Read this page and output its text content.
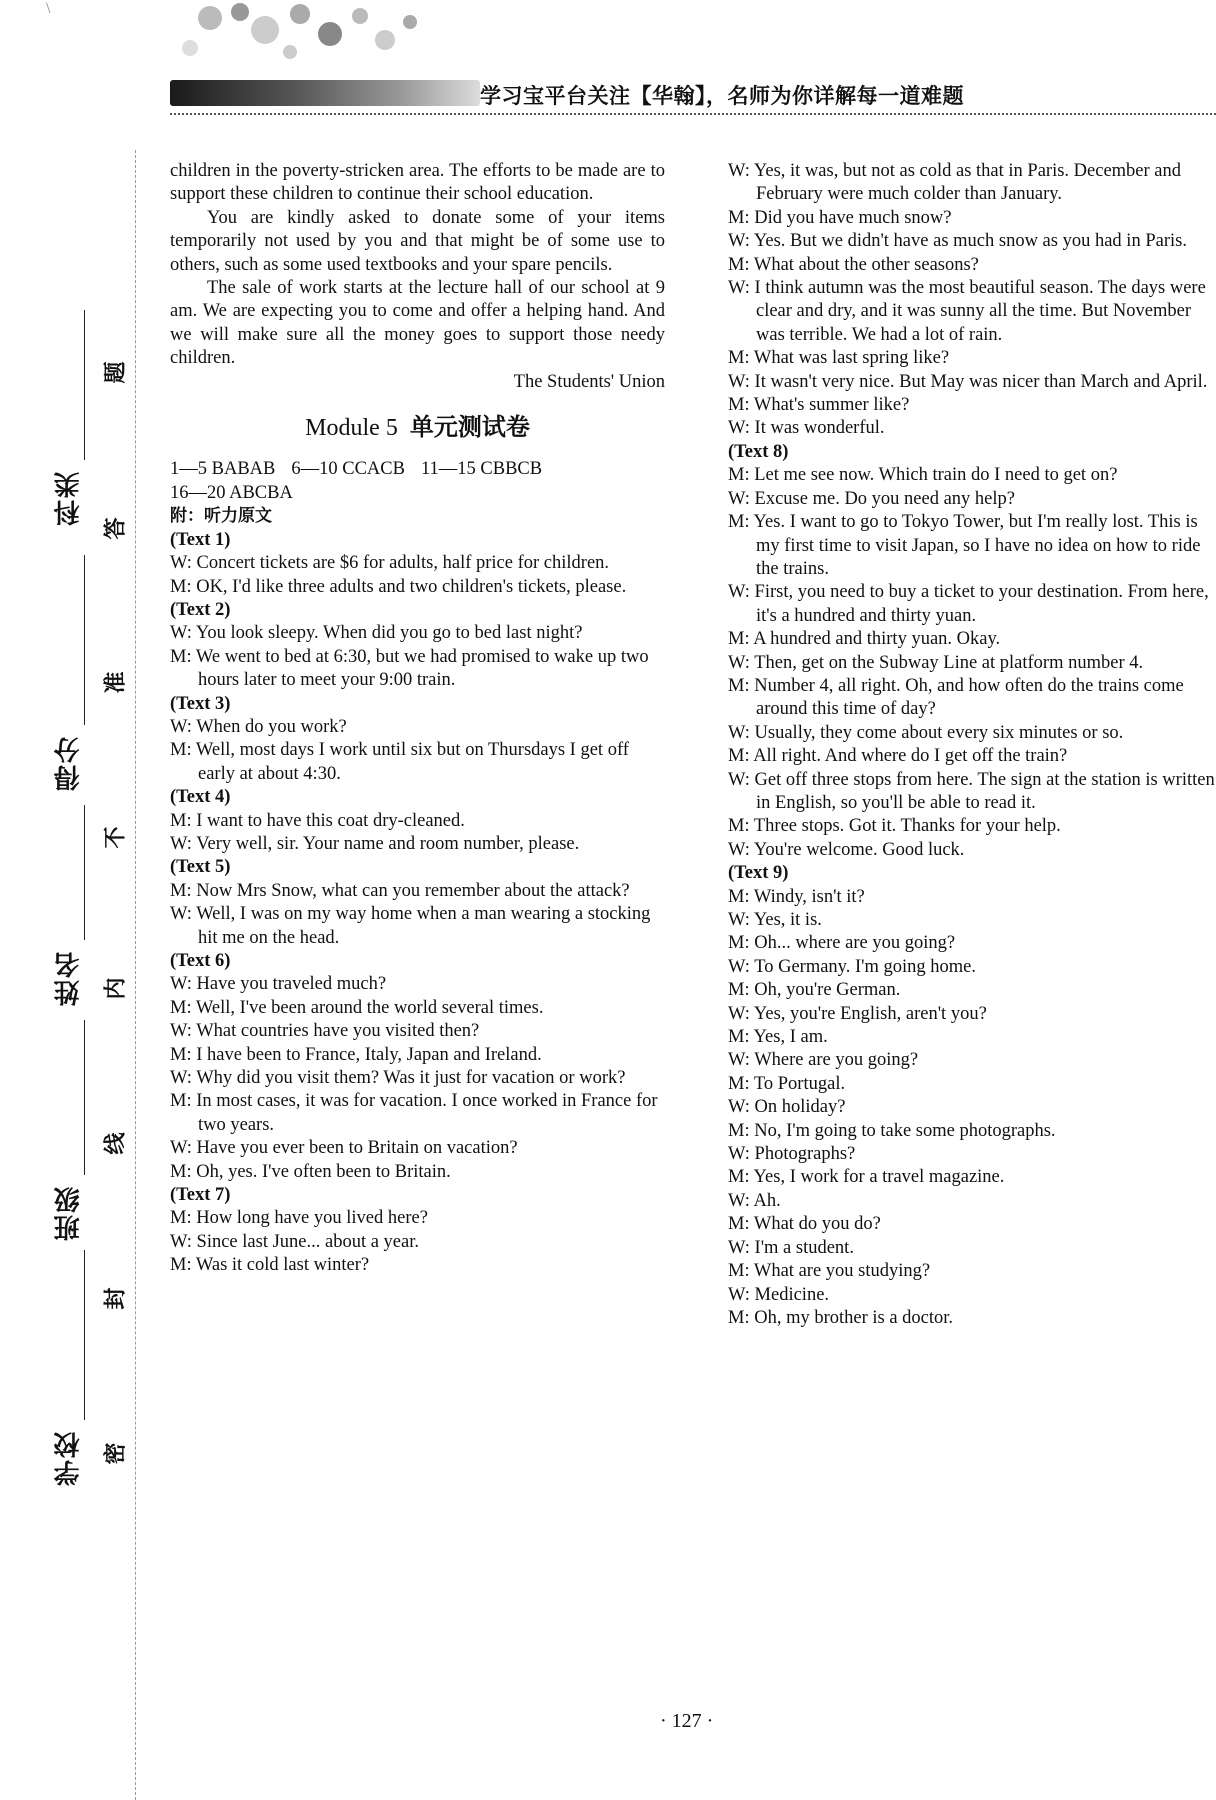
学习宝平台关注【华翰】，名师为你详解每一道难题
\
科类
得分
姓名
班级
学校
题
答
准
不
内
线
封
密

children in the poverty-stricken area. The efforts to be made are to support these children to continue their school education.

You are kindly asked to donate some of your items temporarily not used by you and that might be of some use to others, such as some used textbooks and your spare pencils.

The sale of work starts at the lecture hall of our school at 9 am. We are expecting you to come and offer a helping hand. And we will make sure all the money goes to support those needy children.

The Students' Union

Module 5 单元测试卷

1—5 BABAB 6—10 CCACB 11—15 CBBCB

16—20 ABCBA

附：听力原文

(Text 1)

W: Concert tickets are $6 for adults, half price for children.

M: OK, I'd like three adults and two children's tickets, please.

(Text 2)

W: You look sleepy. When did you go to bed last night?

M: We went to bed at 6:30, but we had promised to wake up two hours later to meet your 9:00 train.

(Text 3)

W: When do you work?

M: Well, most days I work until six but on Thursdays I get off early at about 4:30.

(Text 4)

M: I want to have this coat dry-cleaned.

W: Very well, sir. Your name and room number, please.

(Text 5)

M: Now Mrs Snow, what can you remember about the attack?

W: Well, I was on my way home when a man wearing a stocking hit me on the head.

(Text 6)

W: Have you traveled much?

M: Well, I've been around the world several times.

W: What countries have you visited then?

M: I have been to France, Italy, Japan and Ireland.

W: Why did you visit them? Was it just for vacation or work?

M: In most cases, it was for vacation. I once worked in France for two years.

W: Have you ever been to Britain on vacation?

M: Oh, yes. I've often been to Britain.

(Text 7)

M: How long have you lived here?

W: Since last June... about a year.

M: Was it cold last winter?

W: Yes, it was, but not as cold as that in Paris. December and February were much colder than January.

M: Did you have much snow?

W: Yes. But we didn't have as much snow as you had in Paris.

M: What about the other seasons?

W: I think autumn was the most beautiful season. The days were clear and dry, and it was sunny all the time. But November was terrible. We had a lot of rain.

M: What was last spring like?

W: It wasn't very nice. But May was nicer than March and April.

M: What's summer like?

W: It was wonderful.

(Text 8)

M: Let me see now. Which train do I need to get on?

W: Excuse me. Do you need any help?

M: Yes. I want to go to Tokyo Tower, but I'm really lost. This is my first time to visit Japan, so I have no idea on how to ride the trains.

W: First, you need to buy a ticket to your destination. From here, it's a hundred and thirty yuan.

M: A hundred and thirty yuan. Okay.

W: Then, get on the Subway Line at platform number 4.

M: Number 4, all right. Oh, and how often do the trains come around this time of day?

W: Usually, they come about every six minutes or so.

M: All right. And where do I get off the train?

W: Get off three stops from here. The sign at the station is written in English, so you'll be able to read it.

M: Three stops. Got it. Thanks for your help.

W: You're welcome. Good luck.

(Text 9)

M: Windy, isn't it?

W: Yes, it is.

M: Oh... where are you going?

W: To Germany. I'm going home.

M: Oh, you're German.

W: Yes, you're English, aren't you?

M: Yes, I am.

W: Where are you going?

M: To Portugal.

W: On holiday?

M: No, I'm going to take some photographs.

W: Photographs?

M: Yes, I work for a travel magazine.

W: Ah.

M: What do you do?

W: I'm a student.

M: What are you studying?

W: Medicine.

M: Oh, my brother is a doctor.

· 127 ·
